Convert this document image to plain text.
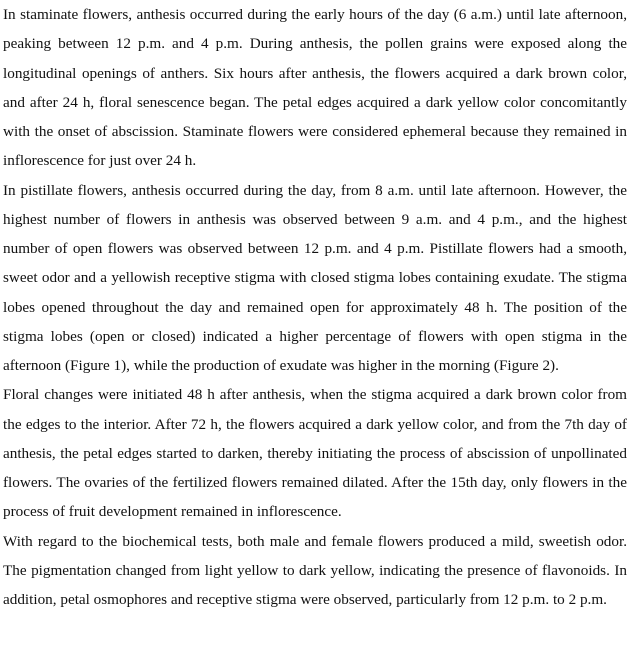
In staminate flowers, anthesis occurred during the early hours of the day (6 a.m.) until late afternoon, peaking between 12 p.m. and 4 p.m. During anthesis, the pollen grains were exposed along the longitudinal openings of anthers. Six hours after anthesis, the flowers acquired a dark brown color, and after 24 h, floral senescence began. The petal edges acquired a dark yellow color concomitantly with the onset of abscission. Staminate flowers were considered ephemeral because they remained in inflorescence for just over 24 h.

In pistillate flowers, anthesis occurred during the day, from 8 a.m. until late afternoon. However, the highest number of flowers in anthesis was observed between 9 a.m. and 4 p.m., and the highest number of open flowers was observed between 12 p.m. and 4 p.m. Pistillate flowers had a smooth, sweet odor and a yellowish receptive stigma with closed stigma lobes containing exudate. The stigma lobes opened throughout the day and remained open for approximately 48 h. The position of the stigma lobes (open or closed) indicated a higher percentage of flowers with open stigma in the afternoon (Figure 1), while the production of exudate was higher in the morning (Figure 2).

Floral changes were initiated 48 h after anthesis, when the stigma acquired a dark brown color from the edges to the interior. After 72 h, the flowers acquired a dark yellow color, and from the 7th day of anthesis, the petal edges started to darken, thereby initiating the process of abscission of unpollinated flowers. The ovaries of the fertilized flowers remained dilated. After the 15th day, only flowers in the process of fruit development remained in inflorescence.

With regard to the biochemical tests, both male and female flowers produced a mild, sweetish odor. The pigmentation changed from light yellow to dark yellow, indicating the presence of flavonoids. In addition, petal osmophores and receptive stigma were observed, particularly from 12 p.m. to 2 p.m.
